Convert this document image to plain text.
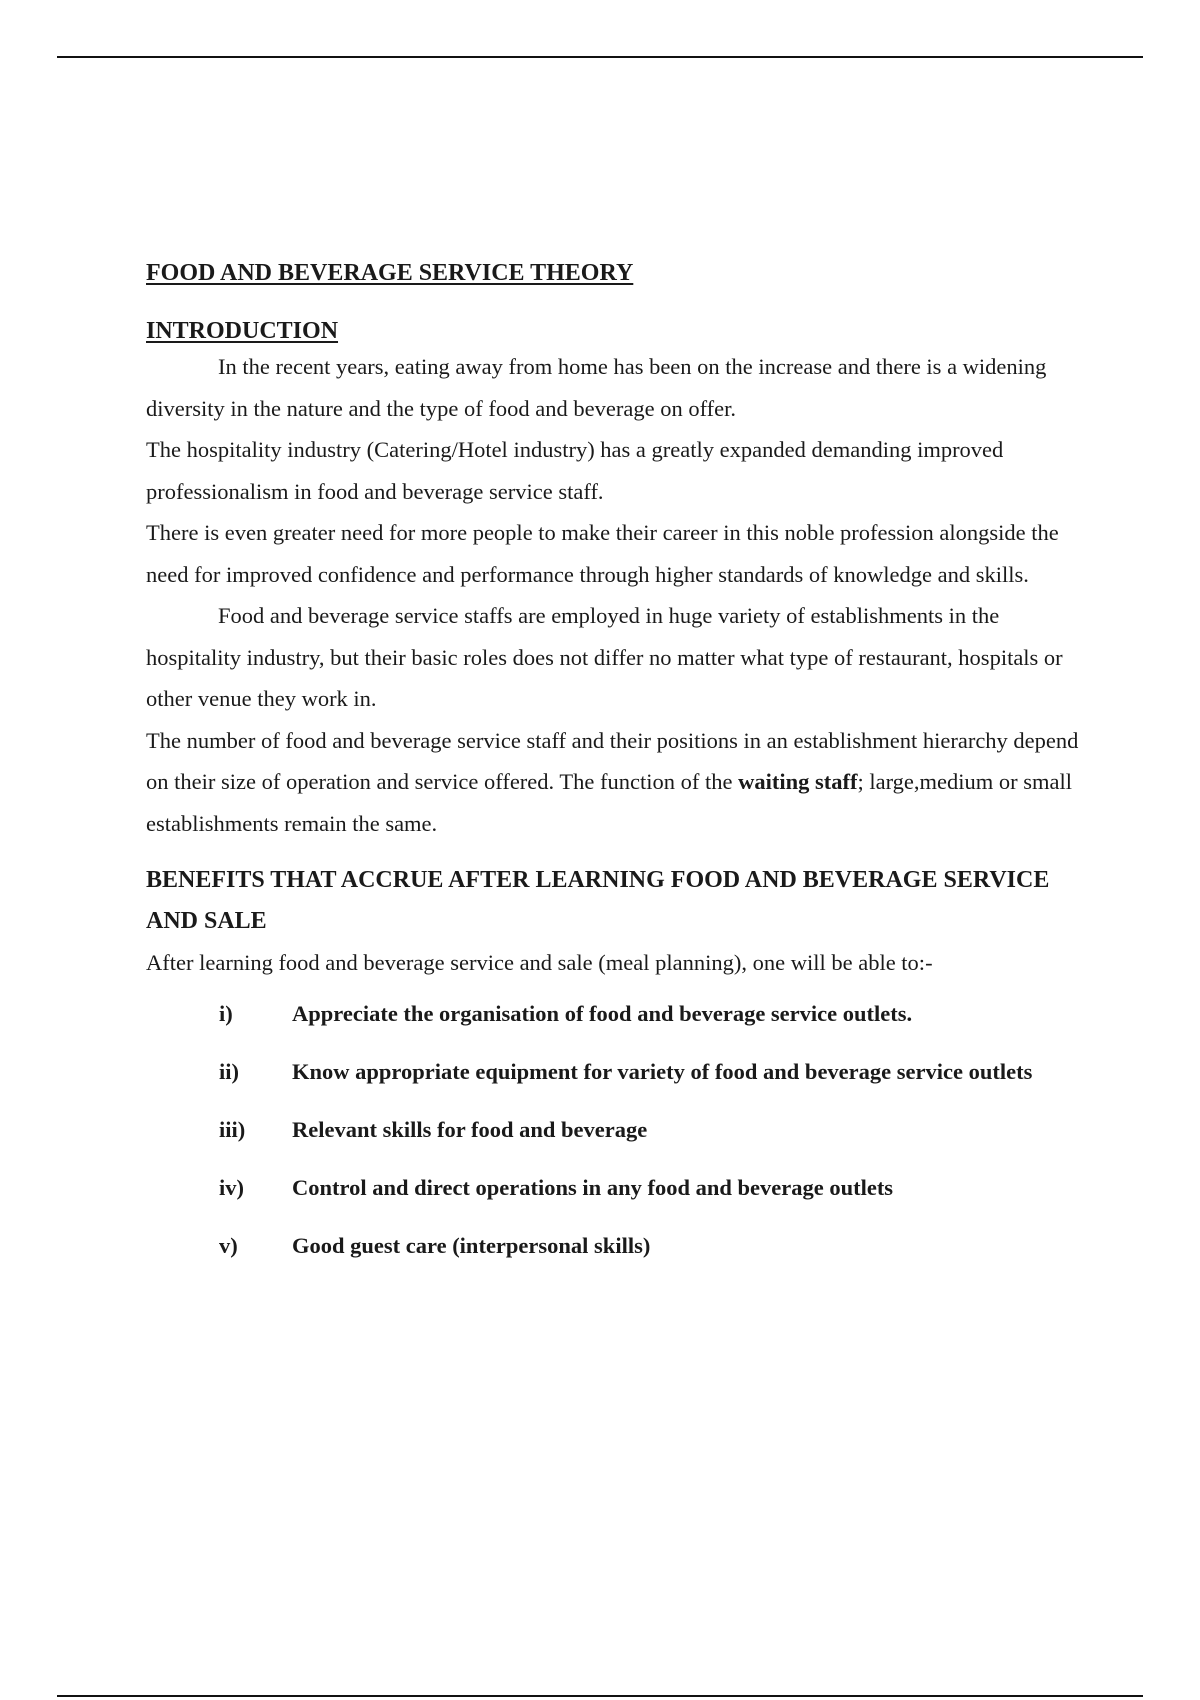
FOOD AND BEVERAGE SERVICE THEORY
INTRODUCTION

In the recent years, eating away from home has been on the increase and there is a widening diversity in the nature and the type of food and beverage on offer.

The hospitality industry (Catering/Hotel industry) has a greatly expanded demanding improved professionalism in food and beverage service staff.

There is even greater need for more people to make their career in this noble profession alongside the need for improved confidence and performance through higher standards of knowledge and skills.

Food and beverage service staffs are employed in huge variety of establishments in the hospitality industry, but their basic roles does not differ no matter what type of restaurant, hospitals or other venue they work in.

The number of food and beverage service staff and their positions in an establishment hierarchy depend on their size of operation and service offered. The function of the waiting staff; large,medium or small establishments remain the same.

BENEFITS THAT ACCRUE AFTER LEARNING FOOD AND BEVERAGE SERVICE AND SALE

After learning food and beverage service and sale (meal planning), one will be able to:-

i)	Appreciate the organisation of food and beverage service outlets.
ii)	Know appropriate equipment for variety of food and beverage service outlets
iii)	Relevant skills for food and beverage
iv)	Control and direct operations in any food and beverage outlets
v)	Good guest care (interpersonal skills)
